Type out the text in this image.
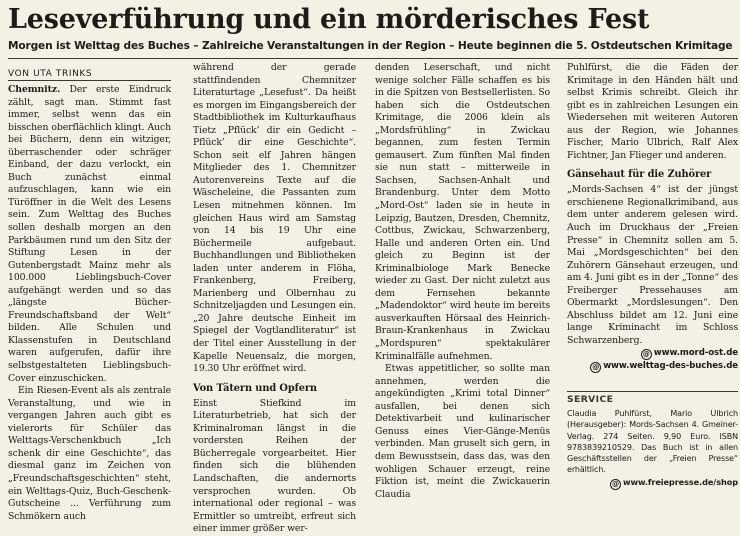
Leseverführung und ein mörderisches Fest
Morgen ist Welttag des Buches – Zahlreiche Veranstaltungen in der Region – Heute beginnen die 5. Ostdeutschen Krimitage
VON UTA TRINKS

Chemnitz. Der erste Eindruck zählt, sagt man. Stimmt fast immer, selbst wenn das ein bisschen oberflächlich klingt. Auch bei Büchern, denn ein witziger, überraschender oder schräger Einband, der dazu verlockt, ein Buch zunächst einmal aufzuschlagen, kann wie ein Türöffner in die Welt des Lesens sein. Zum Welttag des Buches sollen deshalb morgen an den Parkbäumen rund um den Sitz der Stiftung Lesen in der Gutenbergstadt Mainz mehr als 100.000 Lieblingsbuch-Cover aufgehängt werden und so das „längste Bücher-Freundschaftsband der Welt“ bilden. Alle Schulen und Klassenstufen in Deutschland waren aufgerufen, dafür ihre selbstgestalteten Lieblingsbuch-Cover einzuschicken.

Ein Riesen-Event als als zentrale Veranstaltung, und wie in vergangen Jahren auch gibt es vielerorts für Schüler das Welttags-Verschenkbuch „Ich schenk dir eine Geschichte“, das diesmal ganz im Zeichen von „Freundschaftsgeschichten“ steht, ein Welttags-Quiz, Buch-Geschenk-Gutscheine ... Verführung zum Schmökern auch

während der gerade stattfindenden Chemnitzer Literaturtage „Lesefust“. Da heißt es morgen im Eingangsbereich der Stadtbibliothek im Kulturkaufhaus Tietz „Pflück’ dir ein Gedicht – Pflück’ dir eine Geschichte“. Schon seit elf Jahren hängen Mitglieder des 1. Chemnitzer Autorenvereins Texte auf die Wäscheleine, die Passanten zum Lesen mitnehmen können. Im gleichen Haus wird am Samstag von 14 bis 19 Uhr eine Büchermeile aufgebaut. Buchhandlungen und Bibliotheken laden unter anderem in Flöha, Frankenberg, Freiberg, Marienberg und Olbernhau zu Schnitzeljagden und Lesungen ein. „20 Jahre deutsche Einheit im Spiegel der Vogtlandliteratur“ ist der Titel einer Ausstellung in der Kapelle Neuensalz, die morgen, 19.30 Uhr eröffnet wird.

Von Tätern und Opfern

Einst Stiefkind im Literaturbetrieb, hat sich der Kriminalroman längst in die vordersten Reihen der Bücherregale vorgearbeitet. Hier finden sich die blühenden Landschaften, die andernorts versprochen wurden. Ob international oder regional – was Ermittler so umtreibt, erfreut sich einer immer größer wer-

denden Leserschaft, und nicht wenige solcher Fälle schaffen es bis in die Spitzen von Bestsellerlisten. So haben sich die Ostdeutschen Krimitage, die 2006 klein als „Mordsfrühling“ in Zwickau begannen, zum festen Termin gemausert. Zum fünften Mal finden sie nun statt – mitterweile in Sachsen, Sachsen-Anhalt und Brandenburg. Unter dem Motto „Mord-Ost“ laden sie in heute in Leipzig, Bautzen, Dresden, Chemnitz, Cottbus, Zwickau, Schwarzenberg, Halle und anderen Orten ein. Und gleich zu Beginn ist der Kriminalbiologe Mark Benecke wieder zu Gast. Der nicht zuletzt aus dem Fernsehen bekannte „Madendoktor“ wird heute im bereits ausverkauften Hörsaal des Heinrich-Braun-Krankenhaus in Zwickau „Mordspuren“ spektakulärer Kriminalfälle aufnehmen.

Etwas appetitlicher, so sollte man annehmen, werden die angekündigten „Krimi total Dinner“ ausfallen, bei denen sich Detektivarbeit und kulinarischer Genuss eines Vier-Gänge-Menüs verbinden. Man gruselt sich gern, in dem Bewusstsein, dass das, was den wohligen Schauer erzeugt, reine Fiktion ist, meint die Zwickauerin Claudia

Puhlfürst, die die Fäden der Krimitage in den Händen hält und selbst Krimis schreibt. Gleich ihr gibt es in zahlreichen Lesungen ein Wiedersehen mit weiteren Autoren aus der Region, wie Johannes Fischer, Mario Ulbrich, Ralf Alex Fichtner, Jan Flieger und anderen.

Gänsehaut für die Zuhörer

„Mords-Sachsen 4“ ist der jüngst erschienene Regionalkrimiband, aus dem unter anderem gelesen wird. Auch im Druckhaus der „Freien Presse“ in Chemnitz sollen am 5. Mai „Mordsgeschichten“ bei den Zuhörern Gänsehaut erzeugen, und am 4. Juni gibt es in der „Tonne“ des Freiberger Pressehauses am Obermarkt „Mordslesungen“. Den Abschluss bildet am 12. Juni eine lange Kriminacht im Schloss Schwarzenberg.

@ www.mord-ost.de
@ www.welttag-des-buches.de
SERVICE

Claudia Puhlfürst, Mario Ulbrich (Herausgeber): Mords-Sachsen 4. Gmeiner-Verlag. 274 Seiten. 9,90 Euro. ISBN 9783839210529. Das Buch ist in allen Geschäftsstellen der „Freien Presse“ erhältlich.

@ www.freiepresse.de/shop
